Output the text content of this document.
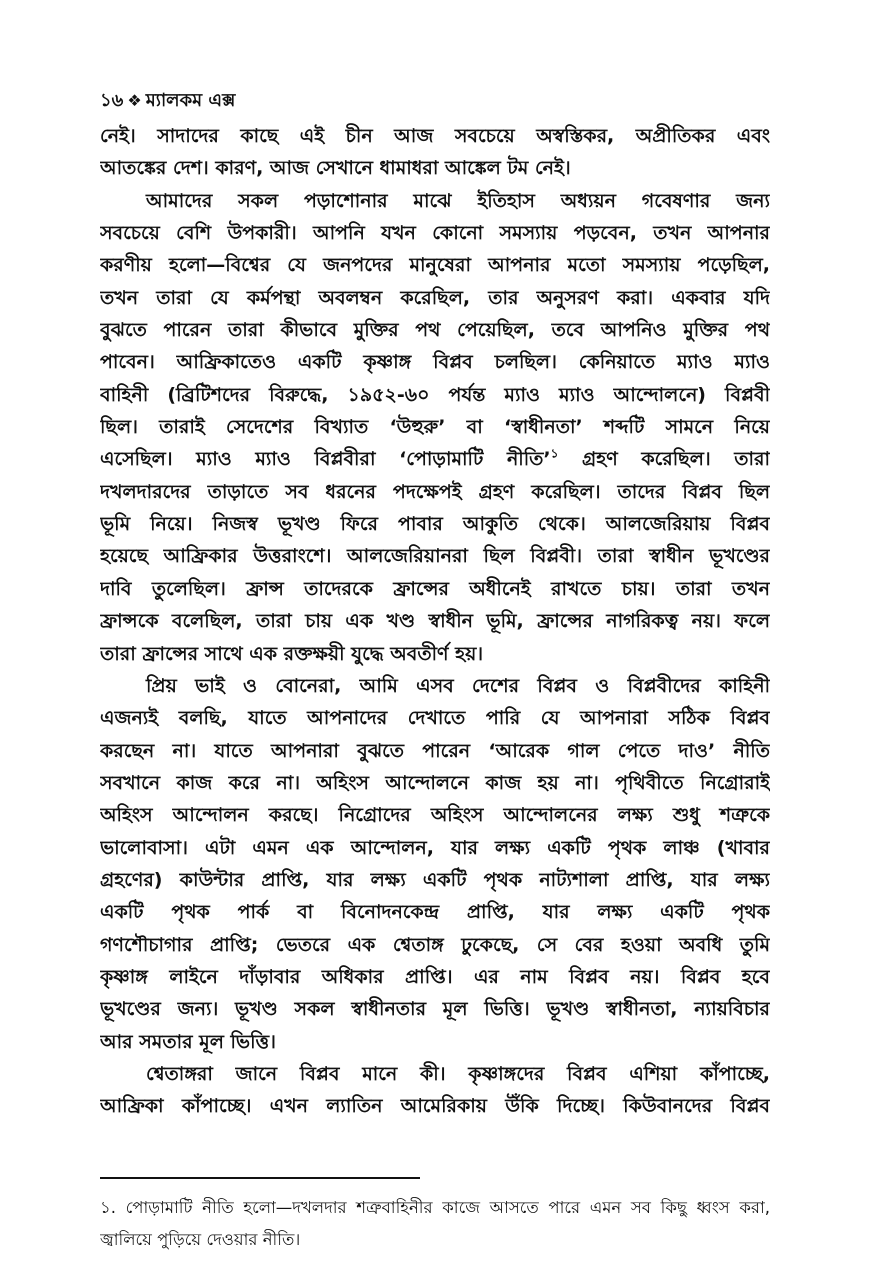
১৬ ❖ ম্যালকম এক্স
নেই। সাদাদের কাছে এই চীন আজ সবচেয়ে অস্বস্তিকর, অপ্রীতিকর এবং
আতঙ্কের দেশ। কারণ, আজ সেখানে ধামাধরা আঙ্কেল টম নেই।
আমাদের সকল পড়াশোনার মাঝে ইতিহাস অধ্যয়ন গবেষণার জন্য
সবচেয়ে বেশি উপকারী। আপনি যখন কোনো সমস্যায় পড়বেন, তখন আপনার
করণীয় হলো—বিশ্বের যে জনপদের মানুষেরা আপনার মতো সমস্যায় পড়েছিল,
তখন তারা যে কর্মপন্থা অবলম্বন করেছিল, তার অনুসরণ করা। একবার যদি
বুঝতে পারেন তারা কীভাবে মুক্তির পথ পেয়েছিল, তবে আপনিও মুক্তির পথ
পাবেন। আফ্রিকাতেও একটি কৃষ্ণাঙ্গ বিপ্লব চলছিল। কেনিয়াতে ম্যাও ম্যাও
বাহিনী (ব্রিটিশদের বিরুদ্ধে, ১৯৫২-৬০ পর্যন্ত ম্যাও ম্যাও আন্দোলনে) বিপ্লবী
ছিল। তারাই সেদেশের বিখ্যাত ‘উহুরু’ বা ‘স্বাধীনতা’ শব্দটি সামনে নিয়ে
এসেছিল। ম্যাও ম্যাও বিপ্লবীরা ‘পোড়ামাটি নীতি’$^১$ গ্রহণ করেছিল। তারা
দখলদারদের তাড়াতে সব ধরনের পদক্ষেপই গ্রহণ করেছিল। তাদের বিপ্লব ছিল
ভূমি নিয়ে। নিজস্ব ভূখণ্ড ফিরে পাবার আকুতি থেকে। আলজেরিয়ায় বিপ্লব
হয়েছে আফ্রিকার উত্তরাংশে। আলজেরিয়ানরা ছিল বিপ্লবী। তারা স্বাধীন ভূখণ্ডের
দাবি তুলেছিল। ফ্রান্স তাদেরকে ফ্রান্সের অধীনেই রাখতে চায়। তারা তখন
ফ্রান্সকে বলেছিল, তারা চায় এক খণ্ড স্বাধীন ভূমি, ফ্রান্সের নাগরিকত্ব নয়। ফলে
তারা ফ্রান্সের সাথে এক রক্তক্ষয়ী যুদ্ধে অবতীর্ণ হয়।
প্রিয় ভাই ও বোনেরা, আমি এসব দেশের বিপ্লব ও বিপ্লবীদের কাহিনী
এজন্যই বলছি, যাতে আপনাদের দেখাতে পারি যে আপনারা সঠিক বিপ্লব
করছেন না। যাতে আপনারা বুঝতে পারেন ‘আরেক গাল পেতে দাও’ নীতি
সবখানে কাজ করে না। অহিংস আন্দোলনে কাজ হয় না। পৃথিবীতে নিগ্রোরাই
অহিংস আন্দোলন করছে। নিগ্রোদের অহিংস আন্দোলনের লক্ষ্য শুধু শত্রুকে
ভালোবাসা। এটা এমন এক আন্দোলন, যার লক্ষ্য একটি পৃথক লাঞ্চ (খাবার
গ্রহণের) কাউন্টার প্রাপ্তি, যার লক্ষ্য একটি পৃথক নাট্যশালা প্রাপ্তি, যার লক্ষ্য
একটি পৃথক পার্ক বা বিনোদনকেন্দ্র প্রাপ্তি, যার লক্ষ্য একটি পৃথক
গণশৌচাগার প্রাপ্তি; ভেতরে এক শ্বেতাঙ্গ ঢুকেছে, সে বের হওয়া অবধি তুমি
কৃষ্ণাঙ্গ লাইনে দাঁড়াবার অধিকার প্রাপ্তি। এর নাম বিপ্লব নয়। বিপ্লব হবে
ভূখণ্ডের জন্য। ভূখণ্ড সকল স্বাধীনতার মূল ভিত্তি। ভূখণ্ড স্বাধীনতা, ন্যায়বিচার
আর সমতার মূল ভিত্তি।
শ্বেতাঙ্গরা জানে বিপ্লব মানে কী। কৃষ্ণাঙ্গদের বিপ্লব এশিয়া কাঁপাচ্ছে,
আফ্রিকা কাঁপাচ্ছে। এখন ল্যাতিন আমেরিকায় উঁকি দিচ্ছে। কিউবানদের বিপ্লব
১. পোড়ামাটি নীতি হলো—দখলদার শত্রুবাহিনীর কাজে আসতে পারে এমন সব কিছু ধ্বংস করা,
জ্বালিয়ে পুড়িয়ে দেওয়ার নীতি।
